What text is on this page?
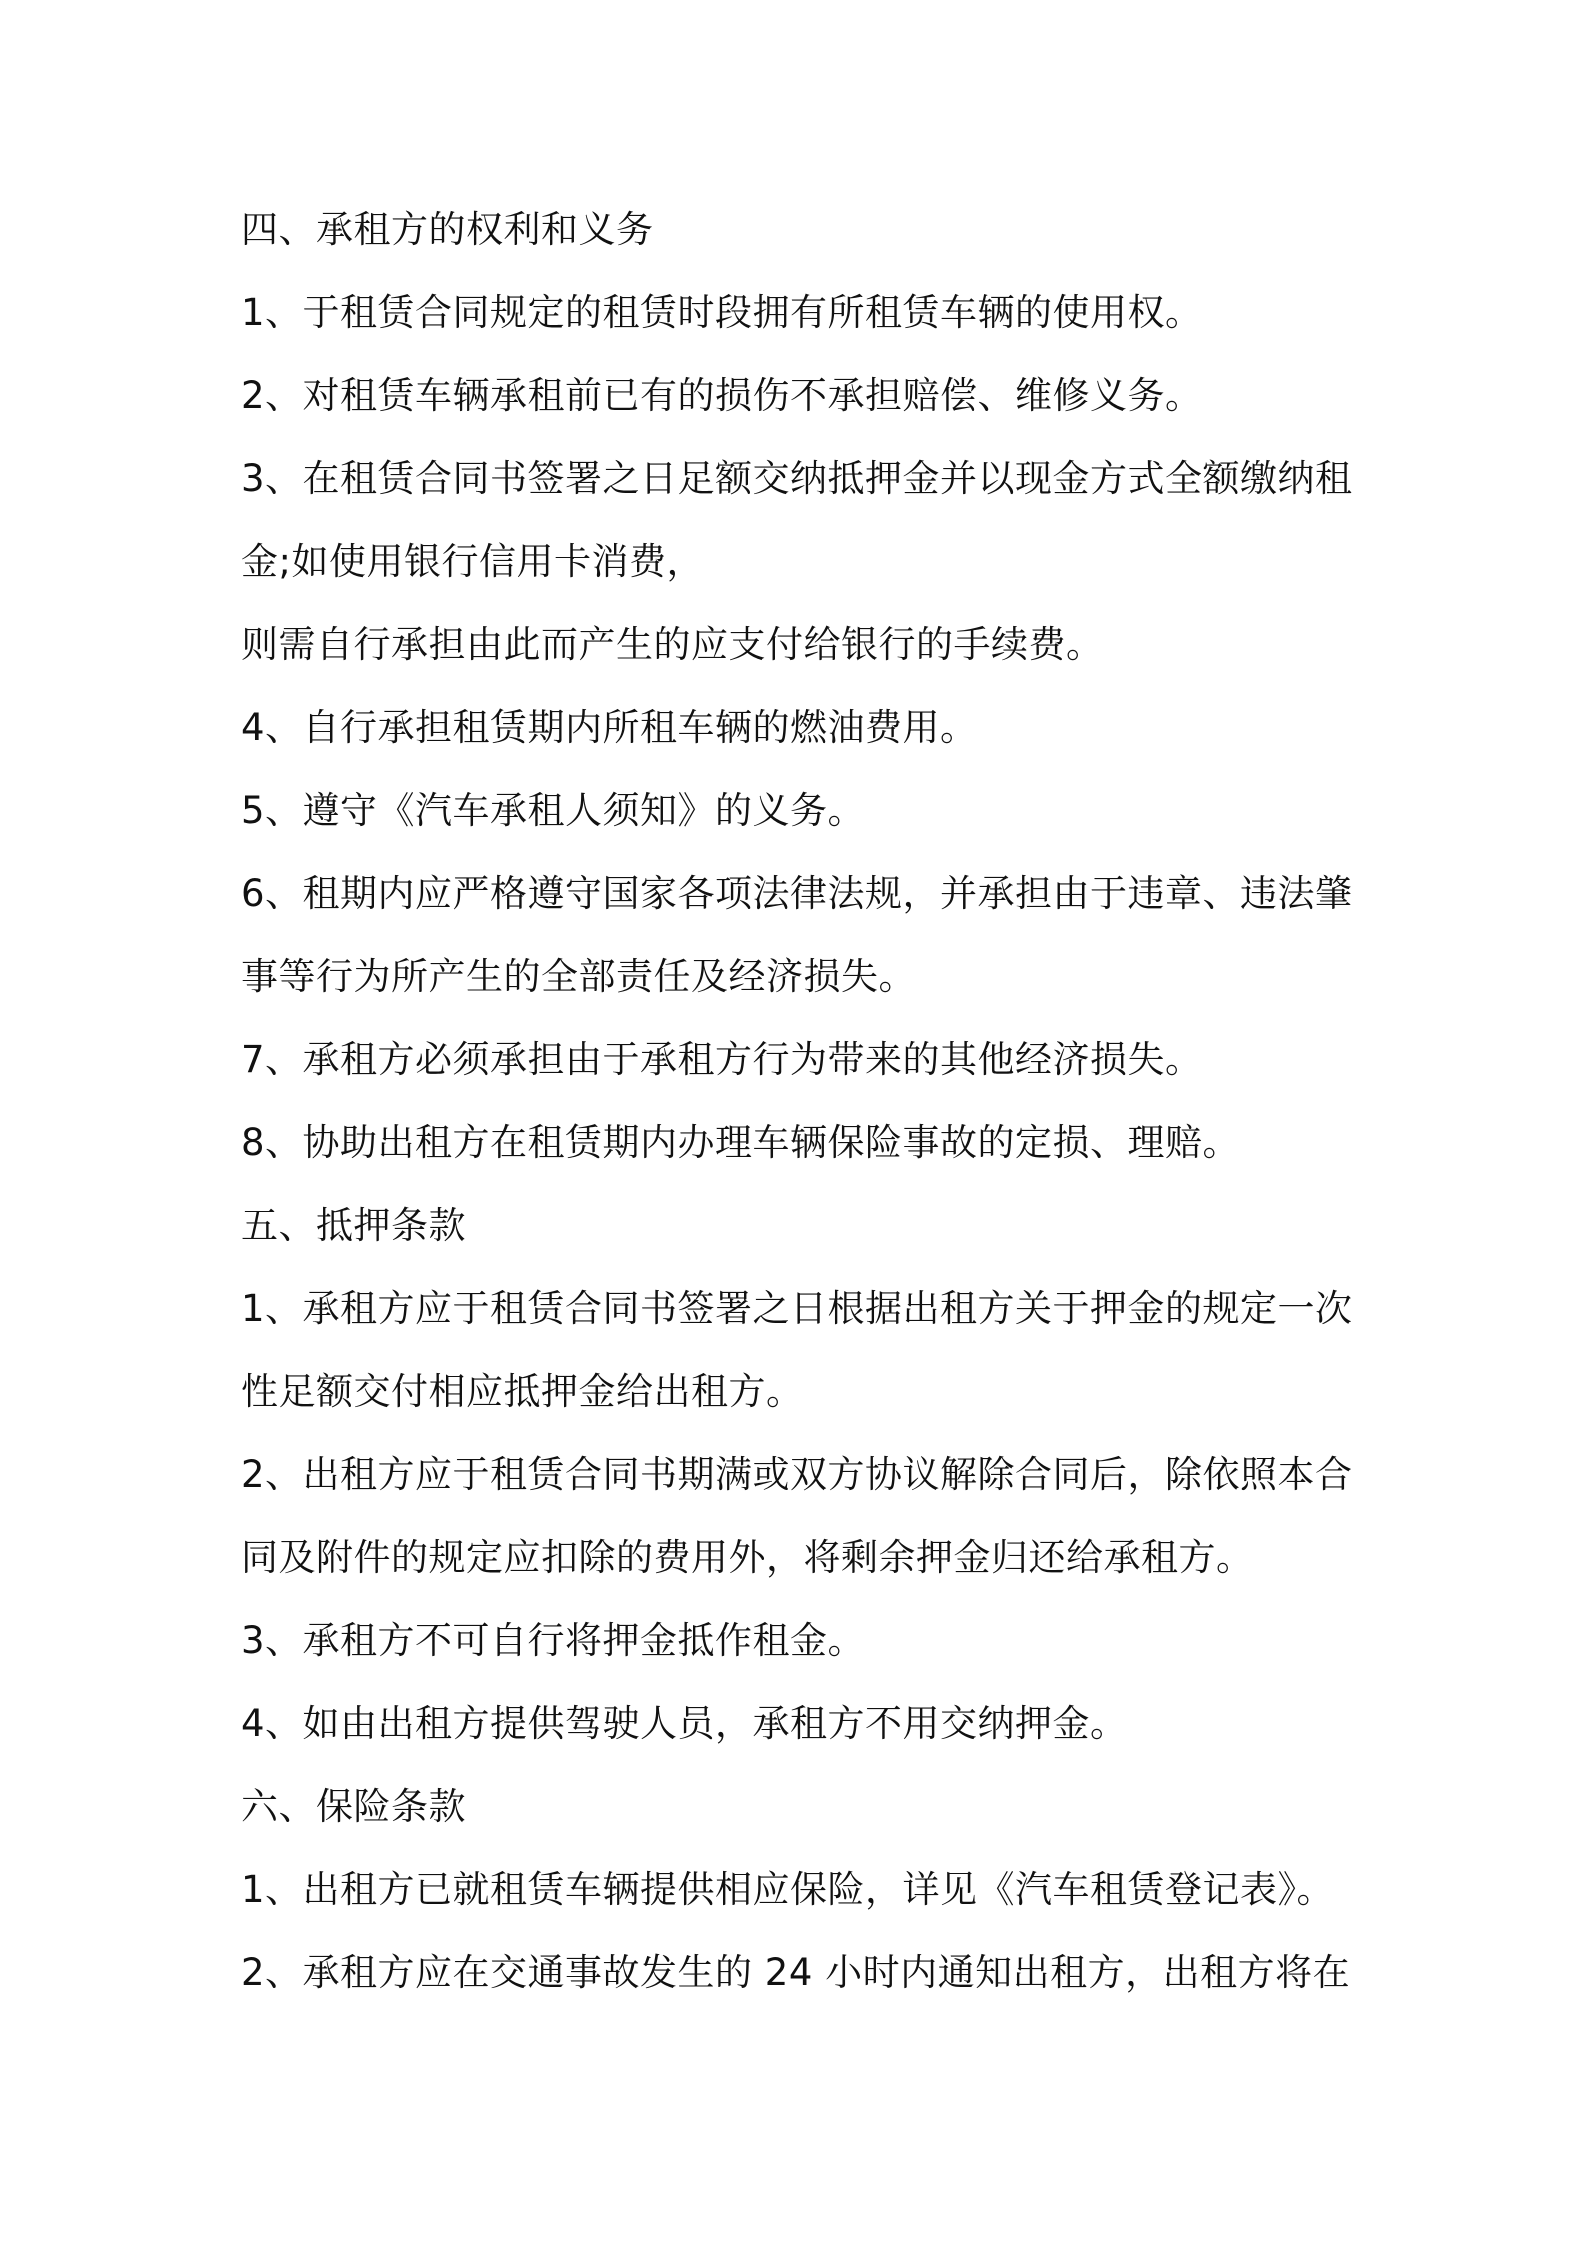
四、承租方的权利和义务
1、于租赁合同规定的租赁时段拥有所租赁车辆的使用权。
2、对租赁车辆承租前已有的损伤不承担赔偿、维修义务。
3、在租赁合同书签署之日足额交纳抵押金并以现金方式全额缴纳租
金;如使用银行信用卡消费，
则需自行承担由此而产生的应支付给银行的手续费。
4、自行承担租赁期内所租车辆的燃油费用。
5、遵守《汽车承租人须知》的义务。
6、租期内应严格遵守国家各项法律法规，并承担由于违章、违法肇
事等行为所产生的全部责任及经济损失。
7、承租方必须承担由于承租方行为带来的其他经济损失。
8、协助出租方在租赁期内办理车辆保险事故的定损、理赔。
五、抵押条款
1、承租方应于租赁合同书签署之日根据出租方关于押金的规定一次
性足额交付相应抵押金给出租方。
2、出租方应于租赁合同书期满或双方协议解除合同后，除依照本合
同及附件的规定应扣除的费用外，将剩余押金归还给承租方。
3、承租方不可自行将押金抵作租金。
4、如由出租方提供驾驶人员，承租方不用交纳押金。
六、保险条款
1、出租方已就租赁车辆提供相应保险，详见《汽车租赁登记表》。
2、承租方应在交通事故发生的 24 小时内通知出租方，出租方将在
